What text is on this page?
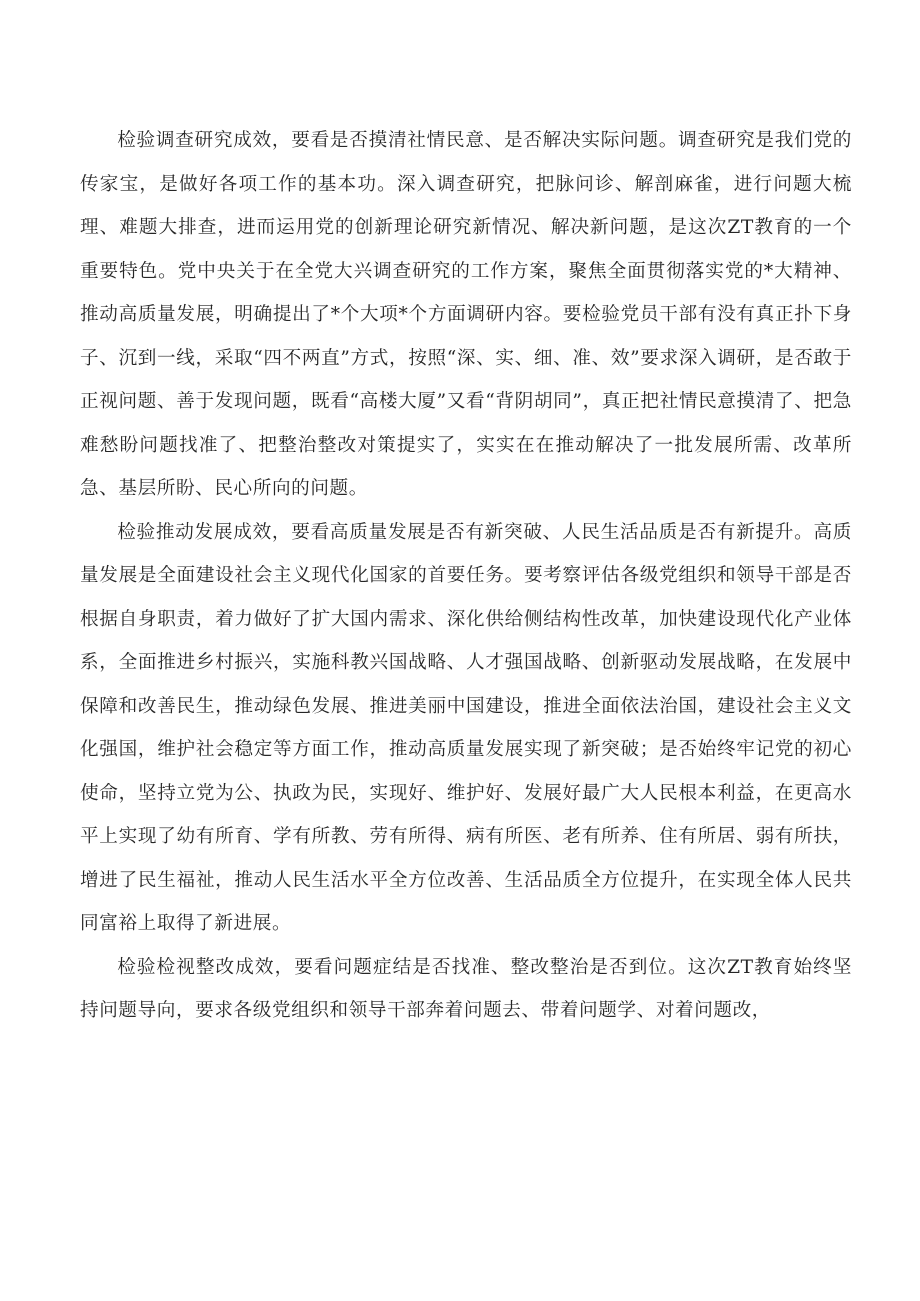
检验调查研究成效，要看是否摸清社情民意、是否解决实际问题。调查研究是我们党的传家宝，是做好各项工作的基本功。深入调查研究，把脉问诊、解剖麻雀，进行问题大梳理、难题大排查，进而运用党的创新理论研究新情况、解决新问题，是这次ZT教育的一个重要特色。党中央关于在全党大兴调查研究的工作方案，聚焦全面贯彻落实党的*大精神、推动高质量发展，明确提出了*个大项*个方面调研内容。要检验党员干部有没有真正扑下身子、沉到一线，采取“四不两直”方式，按照“深、实、细、准、效”要求深入调研，是否敢于正视问题、善于发现问题，既看“高楼大厦”又看“背阴胡同”，真正把社情民意摸清了、把急难愁盼问题找准了、把整治整改对策提实了，实实在在推动解决了一批发展所需、改革所急、基层所盼、民心所向的问题。

检验推动发展成效，要看高质量发展是否有新突破、人民生活品质是否有新提升。高质量发展是全面建设社会主义现代化国家的首要任务。要考察评估各级党组织和领导干部是否根据自身职责，着力做好了扩大国内需求、深化供给侧结构性改革，加快建设现代化产业体系，全面推进乡村振兴，实施科教兴国战略、人才强国战略、创新驱动发展战略，在发展中保障和改善民生，推动绿色发展、推进美丽中国建设，推进全面依法治国，建设社会主义文化强国，维护社会稳定等方面工作，推动高质量发展实现了新突破；是否始终牢记党的初心使命，坚持立党为公、执政为民，实现好、维护好、发展好最广大人民根本利益，在更高水平上实现了幼有所育、学有所教、劳有所得、病有所医、老有所养、住有所居、弱有所扶，增进了民生福祉，推动人民生活水平全方位改善、生活品质全方位提升，在实现全体人民共同富裕上取得了新进展。

检验检视整改成效，要看问题症结是否找准、整改整治是否到位。这次ZT教育始终坚持问题导向，要求各级党组织和领导干部奔着问题去、带着问题学、对着问题改，
